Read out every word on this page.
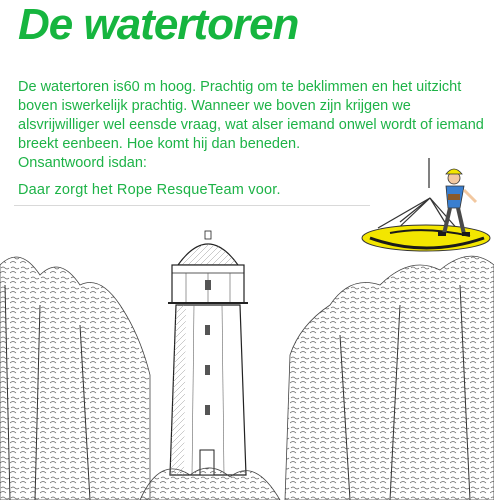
De watertoren

De watertoren is60 m hoog. Prachtig om te beklimmen en het uitzicht boven iswerkelijk prachtig. Wanneer we boven zijn krijgen we alsvrijwilliger wel eensde vraag, wat alser iemand onwel wordt of iemand breekt eenbeen. Hoe komt hij dan beneden.

Onsantwoord isdan:

Daar zorgt het Rope ResqueTeam voor.
